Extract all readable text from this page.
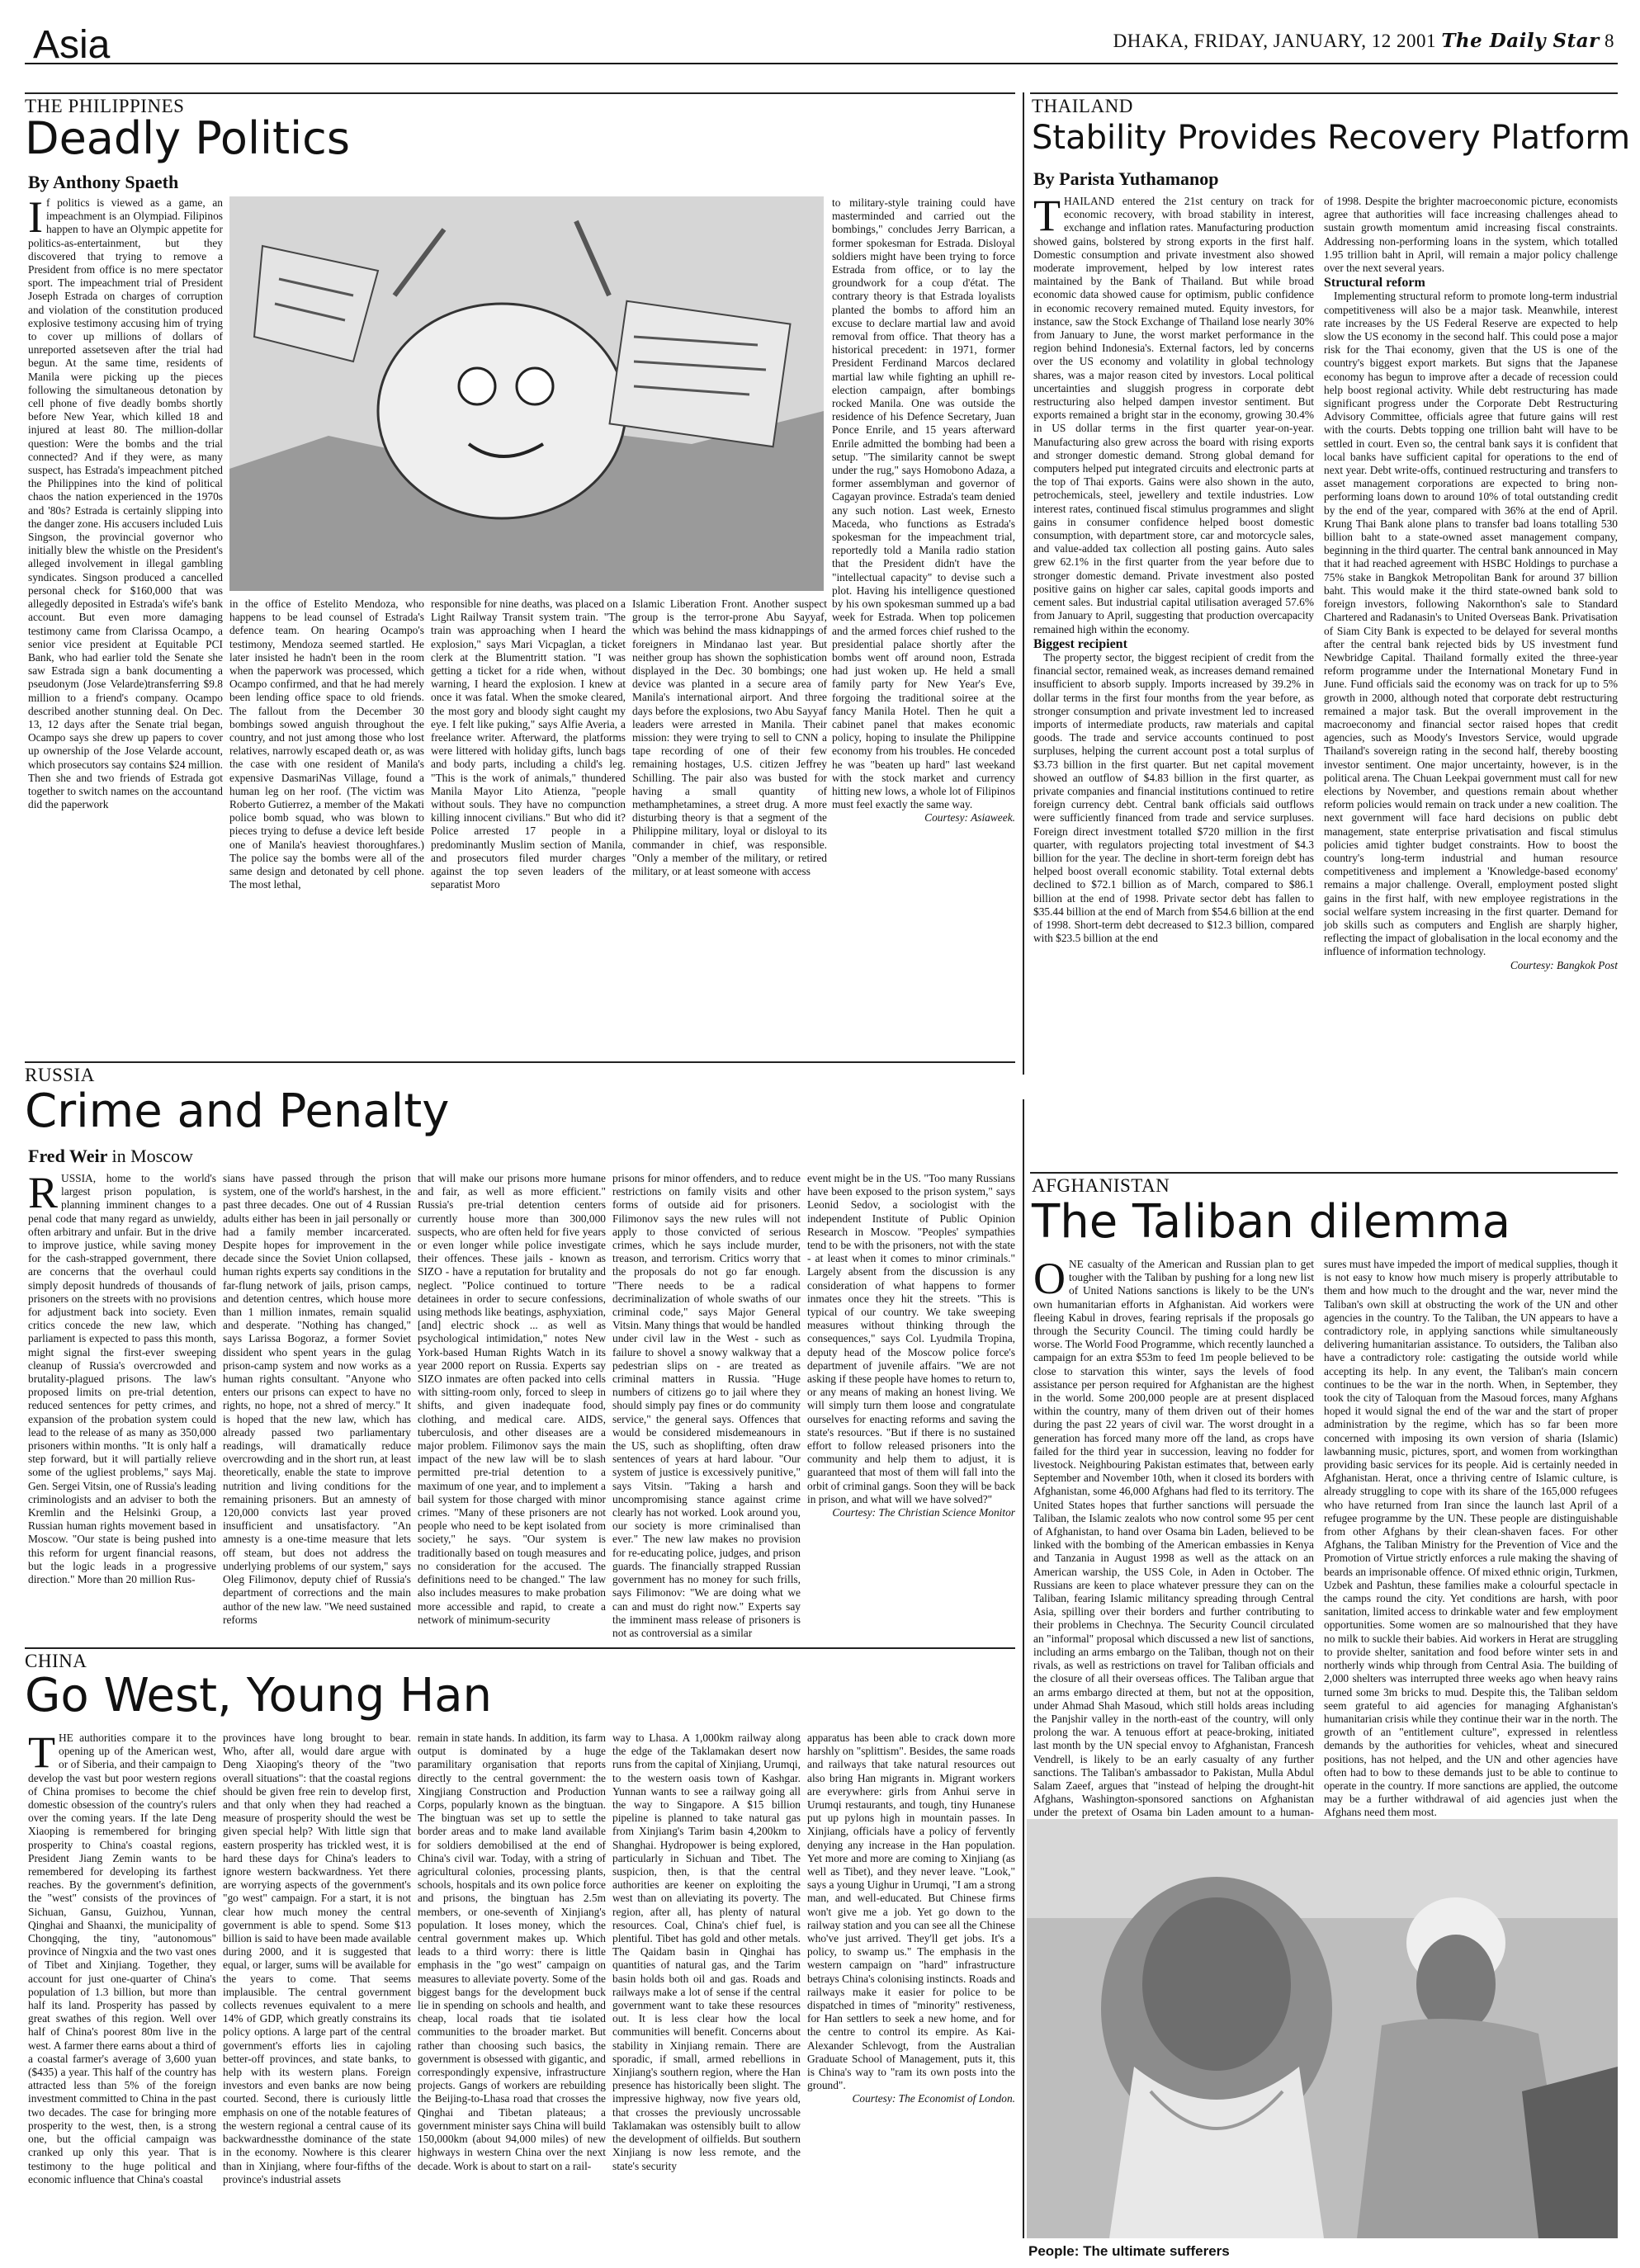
Asia	DHAKA, FRIDAY, JANUARY, 12 2001 The Daily Star 8
THE PHILIPPINES
Deadly Politics
By Anthony Spaeth

If politics is viewed as a game, an impeachment is an Olympiad. Filipinos happen to have an Olympic appetite for politics-as-entertainment, but they discovered that trying to remove a President from office is no mere spectator sport. The impeachment trial of President Joseph Estrada on charges of corruption and violation of the constitution produced explosive testimony accusing him of trying to cover up millions of dollars of unreported assetseven after the trial had begun. At the same time, residents of Manila were picking up the pieces following the simultaneous detonation by cell phone of five deadly bombs shortly before New Year, which killed 18 and injured at least 80. The million-dollar question: Were the bombs and the trial connected? And if they were, as many suspect, has Estrada's impeachment pitched the Philippines into the kind of political chaos the nation experienced in the 1970s and '80s? Estrada is certainly slipping into the danger zone. His accusers included Luis Singson, the provincial governor who initially blew the whistle on the President's alleged involvement in illegal gambling syndicates. Singson produced a cancelled personal check for $160,000 that was allegedly deposited in Estrada's wife's bank account. But even more damaging testimony came from Clarissa Ocampo, a senior vice president at Equitable PCI Bank, who had earlier told the Senate she saw Estrada sign a bank documenting a pseudonym (Jose Velarde)transferring $9.8 million to a friend's company. Ocampo described another stunning deal. On Dec. 13, 12 days after the Senate trial began, Ocampo says she drew up papers to cover up ownership of the Jose Velarde account, which prosecutors say contains $24 million. Then she and two friends of Estrada got together to switch names on the accountand did the paperwork

in the office of Estelito Mendoza, who happens to be lead counsel of Estrada's defence team. On hearing Ocampo's testimony, Mendoza seemed startled. He later insisted he hadn't been in the room when the paperwork was processed, which Ocampo confirmed, and that he had merely been lending office space to old friends. The fallout from the December 30 bombings sowed anguish throughout the country, and not just among those who lost relatives, narrowly escaped death or, as was the case with one resident of Manila's expensive DasmariNas Village, found a human leg on her roof. (The victim was Roberto Gutierrez, a member of the Makati police bomb squad, who was blown to pieces trying to defuse a device left beside one of Manila's heaviest thoroughfares.) The police say the bombs were all of the same design and detonated by cell phone. The most lethal,

responsible for nine deaths, was placed on a Light Railway Transit system train. "The train was approaching when I heard the explosion," says Mari Vicpaglan, a ticket clerk at the Blumentritt station. "I was getting a ticket for a ride when, without warning, I heard the explosion. I knew at once it was fatal. When the smoke cleared, the most gory and bloody sight caught my eye. I felt like puking," says Alfie Averia, a freelance writer. Afterward, the platforms were littered with holiday gifts, lunch bags and body parts, including a child's leg. "This is the work of animals," thundered Manila Mayor Lito Atienza, "people without souls. They have no compunction killing innocent civilians." But who did it? Police arrested 17 people in a predominantly Muslim section of Manila, and prosecutors filed murder charges against the top seven leaders of the separatist Moro

Islamic Liberation Front. Another suspect group is the terror-prone Abu Sayyaf, which was behind the mass kidnappings of foreigners in Mindanao last year. But neither group has shown the sophistication displayed in the Dec. 30 bombings; one device was planted in a secure area of Manila's international airport. And three days before the explosions, two Abu Sayyaf leaders were arrested in Manila. Their mission: they were trying to sell to CNN a tape recording of one of their few remaining hostages, U.S. citizen Jeffrey Schilling. The pair also was busted for having a small quantity of methamphetamines, a street drug. A more disturbing theory is that a segment of the Philippine military, loyal or disloyal to its commander in chief, was responsible. "Only a member of the military, or retired military, or at least someone with access

to military-style training could have masterminded and carried out the bombings," concludes Jerry Barrican, a former spokesman for Estrada. Disloyal soldiers might have been trying to force Estrada from office, or to lay the groundwork for a coup d'état. The contrary theory is that Estrada loyalists planted the bombs to afford him an excuse to declare martial law and avoid removal from office. That theory has a historical precedent: in 1971, former President Ferdinand Marcos declared martial law while fighting an uphill re-election campaign, after bombings rocked Manila. One was outside the residence of his Defence Secretary, Juan Ponce Enrile, and 15 years afterward Enrile admitted the bombing had been a setup. "The similarity cannot be swept under the rug," says Homobono Adaza, a former assemblyman and governor of Cagayan province. Estrada's team denied any such notion. Last week, Ernesto Maceda, who functions as Estrada's spokesman for the impeachment trial, reportedly told a Manila radio station that the President didn't have the "intellectual capacity" to devise such a plot. Having his intelligence questioned by his own spokesman summed up a bad week for Estrada. When top policemen and the armed forces chief rushed to the presidential palace shortly after the bombs went off around noon, Estrada had just woken up. He held a small family party for New Year's Eve, forgoing the traditional soiree at the fancy Manila Hotel. Then he quit a cabinet panel that makes economic policy, hoping to insulate the Philippine economy from his troubles. He conceded he was "beaten up hard" last weekand with the stock market and currency hitting new lows, a whole lot of Filipinos must feel exactly the same way.

Courtesy: Asiaweek.

RUSSIA
Crime and Penalty
Fred Weir in Moscow

RUSSIA, home to the world's largest prison population, is planning imminent changes to a penal code that many regard as unwieldy, often arbitrary and unfair. But in the drive to improve justice, while saving money for the cash-strapped government, there are concerns that the overhaul could simply deposit hundreds of thousands of prisoners on the streets with no provisions for adjustment back into society. Even critics concede the new law, which parliament is expected to pass this month, might signal the first-ever sweeping cleanup of Russia's overcrowded and brutality-plagued prisons. The law's proposed limits on pre-trial detention, reduced sentences for petty crimes, and expansion of the probation system could lead to the release of as many as 350,000 prisoners within months. "It is only half a step forward, but it will partially relieve some of the ugliest problems," says Maj. Gen. Sergei Vitsin, one of Russia's leading criminologists and an adviser to both the Kremlin and the Helsinki Group, a Russian human rights movement based in Moscow. "Our state is being pushed into this reform for urgent financial reasons, but the logic leads in a progressive direction." More than 20 million Rus-

sians have passed through the prison system, one of the world's harshest, in the past three decades. One out of 4 Russian adults either has been in jail personally or had a family member incarcerated. Despite hopes for improvement in the decade since the Soviet Union collapsed, human rights experts say conditions in the far-flung network of jails, prison camps, and detention centres, which house more than 1 million inmates, remain squalid and desperate. "Nothing has changed," says Larissa Bogoraz, a former Soviet dissident who spent years in the gulag prison-camp system and now works as a human rights consultant. "Anyone who enters our prisons can expect to have no rights, no hope, not a shred of mercy." It is hoped that the new law, which has already passed two parliamentary readings, will dramatically reduce overcrowding and in the short run, at least theoretically, enable the state to improve nutrition and living conditions for the remaining prisoners. But an amnesty of 120,000 convicts last year proved insufficient and unsatisfactory. "An amnesty is a one-time measure that lets off steam, but does not address the underlying problems of our system," says Oleg Filimonov, deputy chief of Russia's department of corrections and the main author of the new law. "We need sustained reforms

that will make our prisons more humane and fair, as well as more efficient." Russia's pre-trial detention centers currently house more than 300,000 suspects, who are often held for five years or even longer while police investigate their offences. These jails - known as SIZO - have a reputation for brutality and neglect. "Police continued to torture detainees in order to secure confessions, using methods like beatings, asphyxiation, [and] electric shock ... as well as psychological intimidation," notes New York-based Human Rights Watch in its year 2000 report on Russia. Experts say SIZO inmates are often packed into cells with sitting-room only, forced to sleep in shifts, and given inadequate food, clothing, and medical care. AIDS, tuberculosis, and other diseases are a major problem. Filimonov says the main impact of the new law will be to slash permitted pre-trial detention to a maximum of one year, and to implement a bail system for those charged with minor crimes. "Many of these prisoners are not people who need to be kept isolated from society," he says. "Our system is traditionally based on tough measures and no consideration for the accused. The definitions need to be changed." The law also includes measures to make probation more accessible and rapid, to create a network of minimum-security

prisons for minor offenders, and to reduce restrictions on family visits and other forms of outside aid for prisoners. Filimonov says the new rules will not apply to those convicted of serious crimes, which he says include murder, treason, and terrorism. Critics worry that the proposals do not go far enough. "There needs to be a radical decriminalization of whole swaths of our criminal code," says Major General Vitsin. Many things that would be handled under civil law in the West - such as failure to shovel a snowy walkway that a pedestrian slips on - are treated as criminal matters in Russia. "Huge numbers of citizens go to jail where they should simply pay fines or do community service," the general says. Offences that would be considered misdemeanours in the US, such as shoplifting, often draw sentences of years at hard labour. "Our system of justice is excessively punitive," says Vitsin. "Taking a harsh and uncompromising stance against crime clearly has not worked. Look around you, our society is more criminalised than ever." The new law makes no provision for re-educating police, judges, and prison guards. The financially strapped Russian government has no money for such frills, says Filimonov: "We are doing what we can and must do right now." Experts say the imminent mass release of prisoners is not as controversial as a similar

event might be in the US. "Too many Russians have been exposed to the prison system," says Leonid Sedov, a sociologist with the independent Institute of Public Opinion Research in Moscow. "Peoples' sympathies tend to be with the prisoners, not with the state - at least when it comes to minor criminals." Largely absent from the discussion is any consideration of what happens to former inmates once they hit the streets. "This is typical of our country. We take sweeping measures without thinking through the consequences," says Col. Lyudmila Tropina, deputy head of the Moscow police force's department of juvenile affairs. "We are not asking if these people have homes to return to, or any means of making an honest living. We will simply turn them loose and congratulate ourselves for enacting reforms and saving the state's resources. "But if there is no sustained effort to follow released prisoners into the community and help them to adjust, it is guaranteed that most of them will fall into the orbit of criminal gangs. Soon they will be back in prison, and what will we have solved?"

Courtesy: The Christian Science Monitor

CHINA
Go West, Young Han

THE authorities compare it to the opening up of the American west, or of Siberia, and their campaign to develop the vast but poor western regions of China promises to become the chief domestic obsession of the country's rulers over the coming years. If the late Deng Xiaoping is remembered for bringing prosperity to China's coastal regions, President Jiang Zemin wants to be remembered for developing its farthest reaches. By the government's definition, the "west" consists of the provinces of Sichuan, Gansu, Guizhou, Yunnan, Qinghai and Shaanxi, the municipality of Chongqing, the tiny, "autonomous" province of Ningxia and the two vast ones of Tibet and Xinjiang. Together, they account for just one-quarter of China's population of 1.3 billion, but more than half its land. Prosperity has passed by great swathes of this region. Well over half of China's poorest 80m live in the west. A farmer there earns about a third of a coastal farmer's average of 3,600 yuan ($435) a year. This half of the country has attracted less than 5% of the foreign investment committed to China in the past two decades. The case for bringing more prosperity to the west, then, is a strong one, but the official campaign was cranked up only this year. That is testimony to the huge political and economic influence that China's coastal

provinces have long brought to bear. Who, after all, would dare argue with Deng Xiaoping's theory of the "two overall situations": that the coastal regions should be given free rein to develop first, and that only when they had reached a measure of prosperity should the west be given special help? With little sign that eastern prosperity has trickled west, it is hard these days for China's leaders to ignore western backwardness. Yet there are worrying aspects of the government's "go west" campaign. For a start, it is not clear how much money the central government is able to spend. Some $13 billion is said to have been made available during 2000, and it is suggested that equal, or larger, sums will be available for the years to come. That seems implausible. The central government collects revenues equivalent to a mere 14% of GDP, which greatly constrains its policy options. A large part of the central government's efforts lies in cajoling better-off provinces, and state banks, to help with its western plans. Foreign investors and even banks are now being courted. Second, there is curiously little emphasis on one of the notable features of the western regional a central cause of its backwardnessthe dominance of the state in the economy. Nowhere is this clearer than in Xinjiang, where four-fifths of the province's industrial assets

remain in state hands. In addition, its farm output is dominated by a huge paramilitary organisation that reports directly to the central government: the Xingjiang Construction and Production Corps, popularly known as the bingtuan. The bingtuan was set up to settle the border areas and to make land available for soldiers demobilised at the end of China's civil war. Today, with a string of agricultural colonies, processing plants, schools, hospitals and its own police force and prisons, the bingtuan has 2.5m members, or one-seventh of Xinjiang's population. It loses money, which the central government makes up. Which leads to a third worry: there is little emphasis in the "go west" campaign on measures to alleviate poverty. Some of the biggest bangs for the development buck lie in spending on schools and health, and cheap, local roads that tie isolated communities to the broader market. But rather than choosing such basics, the government is obsessed with gigantic, and correspondingly expensive, infrastructure projects. Gangs of workers are rebuilding the Beijing-to-Lhasa road that crosses the Qinghai and Tibetan plateaus; a government minister says China will build 150,000km (about 94,000 miles) of new highways in western China over the next decade. Work is about to start on a rail-

way to Lhasa. A 1,000km railway along the edge of the Taklamakan desert now runs from the capital of Xinjiang, Urumqi, to the western oasis town of Kashgar. Yunnan wants to see a railway going all the way to Singapore. A $15 billion pipeline is planned to take natural gas from Xinjiang's Tarim basin 4,200km to Shanghai. Hydropower is being explored, particularly in Sichuan and Tibet. The suspicion, then, is that the central authorities are keener on exploiting the west than on alleviating its poverty. The region, after all, has plenty of natural resources. Coal, China's chief fuel, is plentiful. Tibet has gold and other metals. The Qaidam basin in Qinghai has quantities of natural gas, and the Tarim basin holds both oil and gas. Roads and railways make a lot of sense if the central government want to take these resources out. It is less clear how the local communities will benefit. Concerns about stability in Xinjiang remain. There are sporadic, if small, armed rebellions in Xinjiang's southern region, where the Han presence has historically been slight. The impressive highway, now five years old, that crosses the previously uncrossable Taklamakan was ostensibly built to allow the development of oilfields. But southern Xinjiang is now less remote, and the state's security

apparatus has been able to crack down more harshly on "splittism". Besides, the same roads and railways that take natural resources out also bring Han migrants in. Migrant workers are everywhere: girls from Anhui serve in Urumqi restaurants, and tough, tiny Hunanese put up pylons high in mountain passes. In Xinjiang, officials have a policy of fervently denying any increase in the Han population. Yet more and more are coming to Xinjiang (as well as Tibet), and they never leave. "Look," says a young Uighur in Urumqi, "I am a strong man, and well-educated. But Chinese firms won't give me a job. Yet go down to the railway station and you can see all the Chinese who've just arrived. They'll get jobs. It's a policy, to swamp us." The emphasis in the western campaign on "hard" infrastructure betrays China's colonising instincts. Roads and railways make it easier for police to be dispatched in times of "minority" restiveness, for Han settlers to seek a new home, and for the centre to control its empire. As Kai-Alexander Schlevogt, from the Australian Graduate School of Management, puts it, this is China's way to "ram its own posts into the ground".

Courtesy: The Economist of London.

THAILAND
Stability Provides Recovery Platform
By Parista Yuthamanop

THAILAND entered the 21st century on track for economic recovery, with broad stability in interest, exchange and inflation rates. Manufacturing production showed gains, bolstered by strong exports in the first half. Domestic consumption and private investment also showed moderate improvement, helped by low interest rates maintained by the Bank of Thailand. But while broad economic data showed cause for optimism, public confidence in economic recovery remained muted. Equity investors, for instance, saw the Stock Exchange of Thailand lose nearly 30% from January to June, the worst market performance in the region behind Indonesia's. External factors, led by concerns over the US economy and volatility in global technology shares, was a major reason cited by investors. Local political uncertainties and sluggish progress in corporate debt restructuring also helped dampen investor sentiment. But exports remained a bright star in the economy, growing 30.4% in US dollar terms in the first quarter year-on-year. Manufacturing also grew across the board with rising exports and stronger domestic demand. Strong global demand for computers helped put integrated circuits and electronic parts at the top of Thai exports. Gains were also shown in the auto, petrochemicals, steel, jewellery and textile industries. Low interest rates, continued fiscal stimulus programmes and slight gains in consumer confidence helped boost domestic consumption, with department store, car and motorcycle sales, and value-added tax collection all posting gains. Auto sales grew 62.1% in the first quarter from the year before due to stronger domestic demand. Private investment also posted positive gains on higher car sales, capital goods imports and cement sales. But industrial capital utilisation averaged 57.6% from January to April, suggesting that production overcapacity remained high within the economy.

Biggest recipient

The property sector, the biggest recipient of credit from the financial sector, remained weak, as increases demand remained insufficient to absorb supply. Imports increased by 39.2% in dollar terms in the first four months from the year before, as stronger consumption and private investment led to increased imports of intermediate products, raw materials and capital goods. The trade and service accounts continued to post surpluses, helping the current account post a total surplus of $3.73 billion in the first quarter. But net capital movement showed an outflow of $4.83 billion in the first quarter, as private companies and financial institutions continued to retire foreign currency debt. Central bank officials said outflows were sufficiently financed from trade and service surpluses. Foreign direct investment totalled $720 million in the first quarter, with regulators projecting total investment of $4.3 billion for the year. The decline in short-term foreign debt has helped boost overall economic stability. Total external debts declined to $72.1 billion as of March, compared to $86.1 billion at the end of 1998. Private sector debt has fallen to $35.44 billion at the end of March from $54.6 billion at the end of 1998. Short-term debt decreased to $12.3 billion, compared with $23.5 billion at the end

of 1998. Despite the brighter macroeconomic picture, economists agree that authorities will face increasing challenges ahead to sustain growth momentum amid increasing fiscal constraints. Addressing non-performing loans in the system, which totalled 1.95 trillion baht in April, will remain a major policy challenge over the next several years.

Structural reform

Implementing structural reform to promote long-term industrial competitiveness will also be a major task. Meanwhile, interest rate increases by the US Federal Reserve are expected to help slow the US economy in the second half. This could pose a major risk for the Thai economy, given that the US is one of the country's biggest export markets. But signs that the Japanese economy has begun to improve after a decade of recession could help boost regional activity. While debt restructuring has made significant progress under the Corporate Debt Restructuring Advisory Committee, officials agree that future gains will rest with the courts. Debts topping one trillion baht will have to be settled in court. Even so, the central bank says it is confident that local banks have sufficient capital for operations to the end of next year. Debt write-offs, continued restructuring and transfers to asset management corporations are expected to bring non-performing loans down to around 10% of total outstanding credit by the end of the year, compared with 36% at the end of April. Krung Thai Bank alone plans to transfer bad loans totalling 530 billion baht to a state-owned asset management company, beginning in the third quarter. The central bank announced in May that it had reached agreement with HSBC Holdings to purchase a 75% stake in Bangkok Metropolitan Bank for around 37 billion baht. This would make it the third state-owned bank sold to foreign investors, following Nakornthon's sale to Standard Chartered and Radanasin's to United Overseas Bank. Privatisation of Siam City Bank is expected to be delayed for several months after the central bank rejected bids by US investment fund Newbridge Capital. Thailand formally exited the three-year reform programme under the International Monetary Fund in June. Fund officials said the economy was on track for up to 5% growth in 2000, although noted that corporate debt restructuring remained a major task. But the overall improvement in the macroeconomy and financial sector raised hopes that credit agencies, such as Moody's Investors Service, would upgrade Thailand's sovereign rating in the second half, thereby boosting investor sentiment. One major uncertainty, however, is in the political arena. The Chuan Leekpai government must call for new elections by November, and questions remain about whether reform policies would remain on track under a new coalition. The next government will face hard decisions on public debt management, state enterprise privatisation and fiscal stimulus policies amid tighter budget constraints. How to boost the country's long-term industrial and human resource competitiveness and implement a 'Knowledge-based economy' remains a major challenge. Overall, employment posted slight gains in the first half, with new employee registrations in the social welfare system increasing in the first quarter. Demand for job skills such as computers and English are sharply higher, reflecting the impact of globalisation in the local economy and the influence of information technology.

Courtesy: Bangkok Post

AFGHANISTAN
The Taliban dilemma

ONE casualty of the American and Russian plan to get tougher with the Taliban by pushing for a long new list of United Nations sanctions is likely to be the UN's own humanitarian efforts in Afghanistan. Aid workers were fleeing Kabul in droves, fearing reprisals if the proposals go through the Security Council. The timing could hardly be worse. The World Food Programme, which recently launched a campaign for an extra $53m to feed 1m people believed to be close to starvation this winter, says the levels of food assistance per person required for Afghanistan are the highest in the world. Some 200,000 people are at present displaced within the country, many of them driven out of their homes during the past 22 years of civil war. The worst drought in a generation has forced many more off the land, as crops have failed for the third year in succession, leaving no fodder for livestock. Neighbouring Pakistan estimates that, between early September and November 10th, when it closed its borders with Afghanistan, some 46,000 Afghans had fled to its territory. The United States hopes that further sanctions will persuade the Taliban, the Islamic zealots who now control some 95 per cent of Afghanistan, to hand over Osama bin Laden, believed to be linked with the bombing of the American embassies in Kenya and Tanzania in August 1998 as well as the attack on an American warship, the USS Cole, in Aden in October. The Russians are keen to place whatever pressure they can on the Taliban, fearing Islamic militancy spreading through Central Asia, spilling over their borders and further contributing to their problems in Chechnya. The Security Council circulated an "informal" proposal which discussed a new list of sanctions, including an arms embargo on the Taliban, though not on their rivals, as well as restrictions on travel for Taliban officials and the closure of all their overseas offices. The Taliban argue that an arms embargo directed at them, but not at the opposition, under Ahmad Shah Masoud, which still holds areas including the Panjshir valley in the north-east of the country, will only prolong the war. A tenuous effort at peace-broking, initiated last month by the UN special envoy to Afghanistan, Francesh Vendrell, is likely to be an early casualty of any further sanctions. The Taliban's ambassador to Pakistan, Mulla Abdul Salam Zaeef, argues that "instead of helping the drought-hit Afghans, Washington-sponsored sanctions on Afghanistan under the pretext of Osama bin Laden amount to a human-

sures must have impeded the import of medical supplies, though it is not easy to know how much misery is properly attributable to them and how much to the drought and the war, never mind the Taliban's own skill at obstructing the work of the UN and other agencies in the country. To the Taliban, the UN appears to have a contradictory role, in applying sanctions while simultaneously delivering humanitarian assistance. To outsiders, the Taliban also have a contradictory role: castigating the outside world while accepting its help. In any event, the Taliban's main concern continues to be the war in the north. When, in September, they took the city of Taloquan from the Masoud forces, many Afghans hoped it would signal the end of the war and the start of proper administration by the regime, which has so far been more concerned with imposing its own version of sharia (Islamic) lawbanning music, pictures, sport, and women from workingthan providing basic services for its people. Aid is certainly needed in Afghanistan. Herat, once a thriving centre of Islamic culture, is already struggling to cope with its share of the 165,000 refugees who have returned from Iran since the launch last April of a refugee programme by the UN. These people are distinguishable from other Afghans by their clean-shaven faces. For other Afghans, the Taliban Ministry for the Prevention of Vice and the Promotion of Virtue strictly enforces a rule making the shaving of beards an imprisonable offence. Of mixed ethnic origin, Turkmen, Uzbek and Pashtun, these families make a colourful spectacle in the camps round the city. Yet conditions are harsh, with poor sanitation, limited access to drinkable water and few employment opportunities. Some women are so malnourished that they have no milk to suckle their babies. Aid workers in Herat are struggling to provide shelter, sanitation and food before winter sets in and northerly winds whip through from Central Asia. The building of 2,000 shelters was interrupted three weeks ago when heavy rains turned some 3m bricks to mud. Despite this, the Taliban seldom seem grateful to aid agencies for managing Afghanistan's humanitarian crisis while they continue their war in the north. The growth of an "entitlement culture", expressed in relentless demands by the authorities for vehicles, wheat and sinecured positions, has not helped, and the UN and other agencies have often had to bow to these demands just to be able to continue to operate in the country. If more sanctions are applied, the outcome may be a further withdrawal of aid agencies just when the Afghans need them most.

People: The ultimate sufferers
